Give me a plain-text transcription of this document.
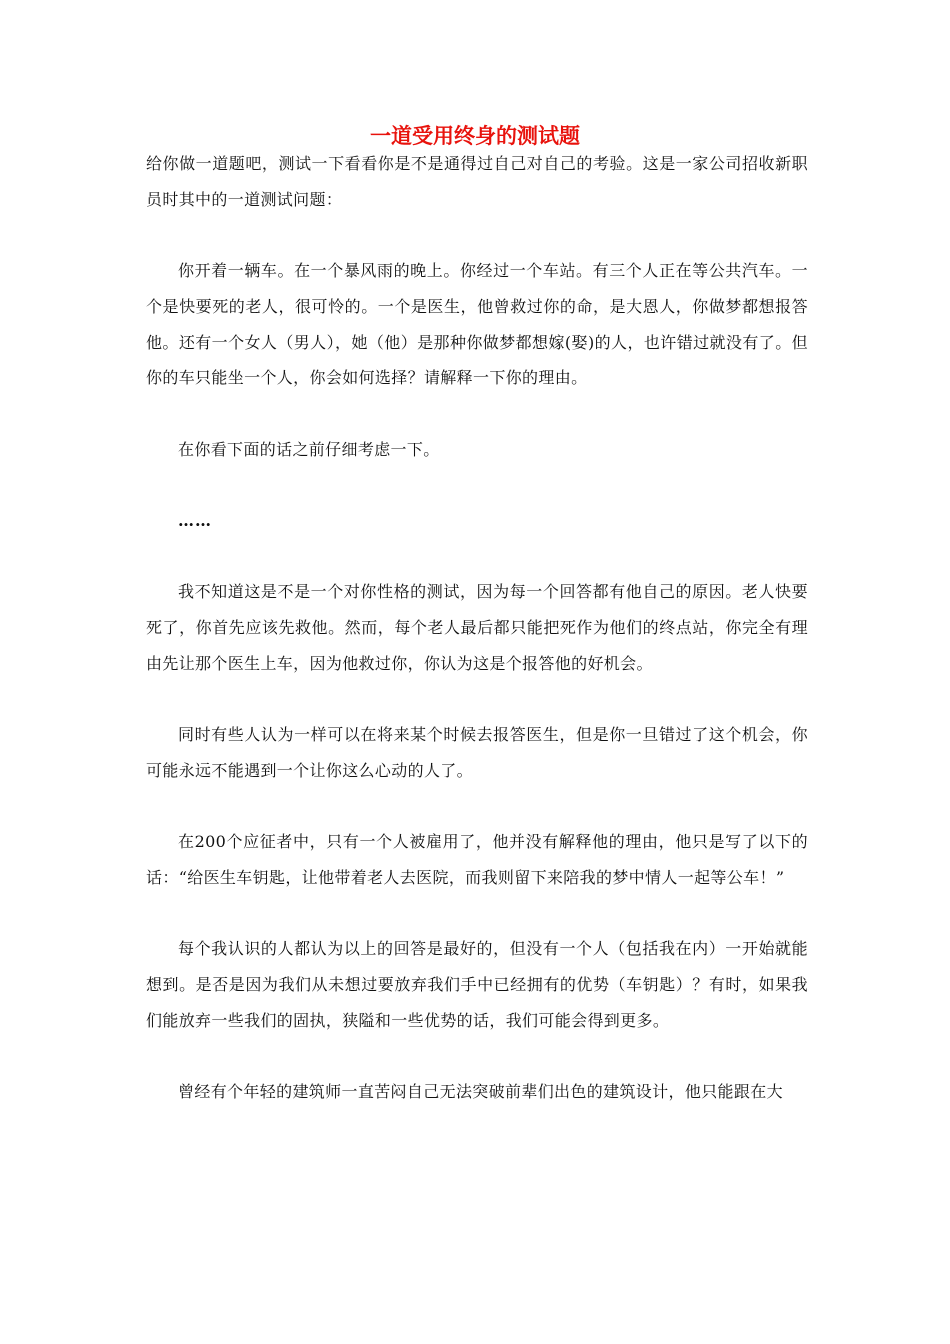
一道受用终身的测试题

给你做一道题吧，测试一下看看你是不是通得过自己对自己的考验。这是一家公司招收新职员时其中的一道测试问题：

你开着一辆车。在一个暴风雨的晚上。你经过一个车站。有三个人正在等公共汽车。一个是快要死的老人，很可怜的。一个是医生，他曾救过你的命，是大恩人，你做梦都想报答他。还有一个女人（男人），她（他）是那种你做梦都想嫁(娶)的人，也许错过就没有了。但你的车只能坐一个人，你会如何选择？请解释一下你的理由。

在你看下面的话之前仔细考虑一下。

……

我不知道这是不是一个对你性格的测试，因为每一个回答都有他自己的原因。老人快要死了，你首先应该先救他。然而，每个老人最后都只能把死作为他们的终点站，你完全有理由先让那个医生上车，因为他救过你，你认为这是个报答他的好机会。

同时有些人认为一样可以在将来某个时候去报答医生，但是你一旦错过了这个机会，你可能永远不能遇到一个让你这么心动的人了。

在200个应征者中，只有一个人被雇用了，他并没有解释他的理由，他只是写了以下的话：“给医生车钥匙，让他带着老人去医院，而我则留下来陪我的梦中情人一起等公车！”

每个我认识的人都认为以上的回答是最好的，但没有一个人（包括我在内）一开始就能想到。是否是因为我们从未想过要放弃我们手中已经拥有的优势（车钥匙）？有时，如果我们能放弃一些我们的固执，狭隘和一些优势的话，我们可能会得到更多。

曾经有个年轻的建筑师一直苦闷自己无法突破前辈们出色的建筑设计，他只能跟在大
